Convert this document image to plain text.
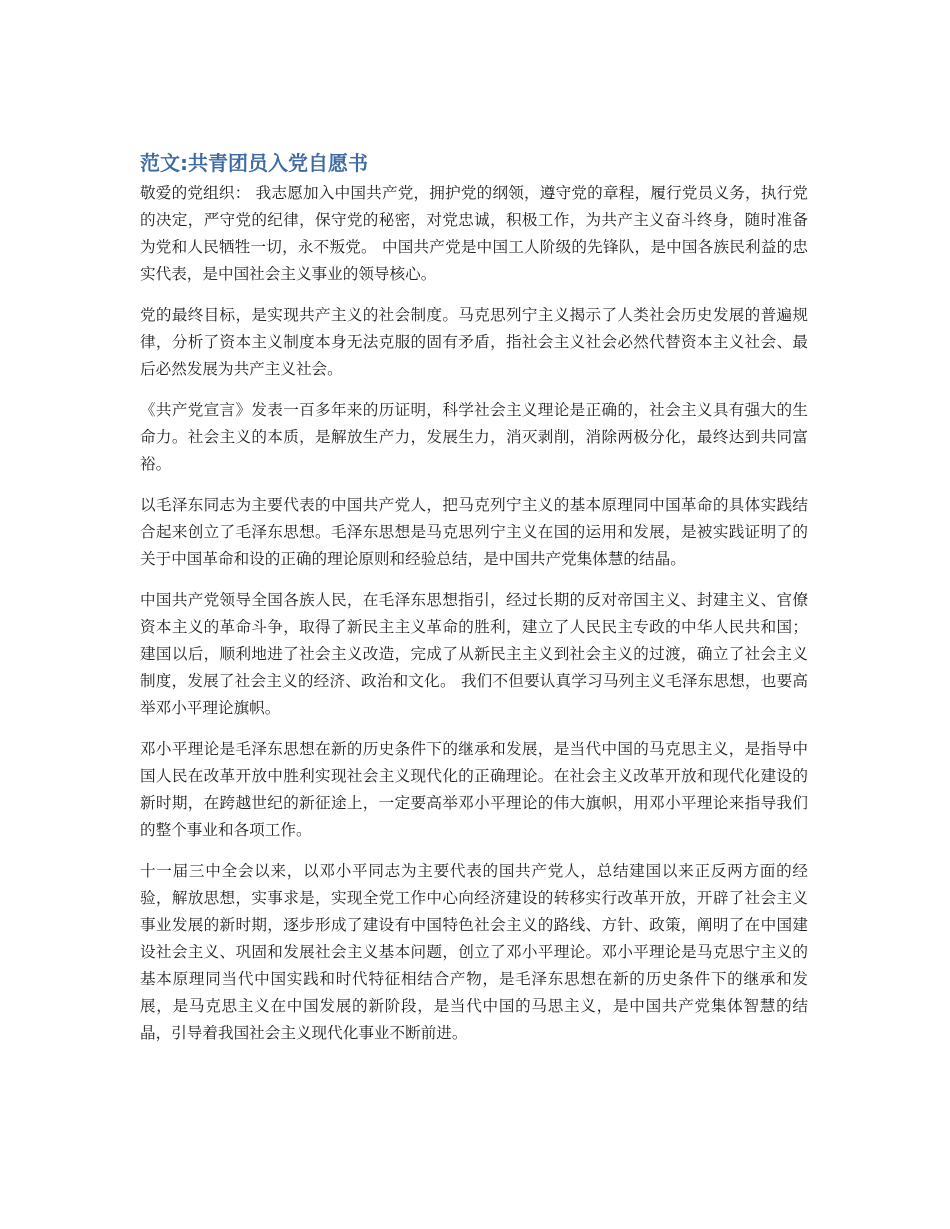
范文:共青团员入党自愿书

敬爱的党组织： 我志愿加入中国共产党，拥护党的纲领，遵守党的章程，履行党员义务，执行党的决定，严守党的纪律，保守党的秘密，对党忠诚，积极工作，为共产主义奋斗终身，随时准备为党和人民牺牲一切，永不叛党。 中国共产党是中国工人阶级的先锋队，是中国各族民利益的忠实代表，是中国社会主义事业的领导核心。

党的最终目标，是实现共产主义的社会制度。马克思列宁主义揭示了人类社会历史发展的普遍规律，分析了资本主义制度本身无法克服的固有矛盾，指社会主义社会必然代替资本主义社会、最后必然发展为共产主义社会。

《共产党宣言》发表一百多年来的历证明，科学社会主义理论是正确的，社会主义具有强大的生命力。社会主义的本质，是解放生产力，发展生力，消灭剥削，消除两极分化，最终达到共同富裕。

以毛泽东同志为主要代表的中国共产党人，把马克列宁主义的基本原理同中国革命的具体实践结合起来创立了毛泽东思想。毛泽东思想是马克思列宁主义在国的运用和发展，是被实践证明了的关于中国革命和设的正确的理论原则和经验总结，是中国共产党集体慧的结晶。

中国共产党领导全国各族人民，在毛泽东思想指引，经过长期的反对帝国主义、封建主义、官僚资本主义的革命斗争，取得了新民主主义革命的胜利，建立了人民民主专政的中华人民共和国；建国以后，顺利地进了社会主义改造，完成了从新民主主义到社会主义的过渡，确立了社会主义制度，发展了社会主义的经济、政治和文化。 我们不但要认真学习马列主义毛泽东思想，也要高举邓小平理论旗帜。

邓小平理论是毛泽东思想在新的历史条件下的继承和发展，是当代中国的马克思主义，是指导中国人民在改革开放中胜利实现社会主义现代化的正确理论。在社会主义改革开放和现代化建设的新时期，在跨越世纪的新征途上，一定要高举邓小平理论的伟大旗帜，用邓小平理论来指导我们的整个事业和各项工作。

十一届三中全会以来，以邓小平同志为主要代表的国共产党人，总结建国以来正反两方面的经验，解放思想，实事求是，实现全党工作中心向经济建设的转移实行改革开放，开辟了社会主义事业发展的新时期，逐步形成了建设有中国特色社会主义的路线、方针、政策，阐明了在中国建设社会主义、巩固和发展社会主义基本问题，创立了邓小平理论。邓小平理论是马克思宁主义的基本原理同当代中国实践和时代特征相结合产物，是毛泽东思想在新的历史条件下的继承和发展，是马克思主义在中国发展的新阶段，是当代中国的马思主义，是中国共产党集体智慧的结晶，引导着我国社会主义现代化事业不断前进。
